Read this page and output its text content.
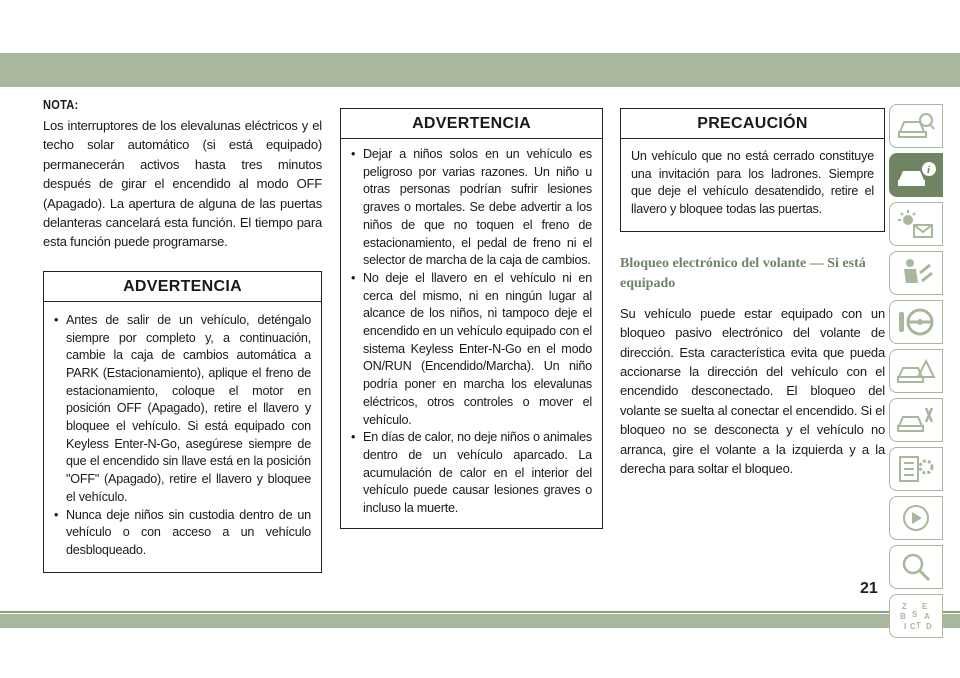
NOTA:
Los interruptores de los elevalunas eléctricos y el techo solar automático (si está equipado) permanecerán activos hasta tres minutos después de girar el encendido al modo OFF (Apagado). La apertura de alguna de las puertas delanteras cancelará esta función. El tiempo para esta función puede programarse.
ADVERTENCIA
• Antes de salir de un vehículo, deténgalo siempre por completo y, a continuación, cambie la caja de cambios automática a PARK (Estacionamiento), aplique el freno de estacionamiento, coloque el motor en posición OFF (Apagado), retire el llavero y bloquee el vehículo. Si está equipado con Keyless Enter-N-Go, asegúrese siempre de que el encendido sin llave está en la posición "OFF" (Apagado), retire el llavero y bloquee el vehículo.
• Nunca deje niños sin custodia dentro de un vehículo o con acceso a un vehículo desbloqueado.
ADVERTENCIA
• Dejar a niños solos en un vehículo es peligroso por varias razones. Un niño u otras personas podrían sufrir lesiones graves o mortales. Se debe advertir a los niños de que no toquen el freno de estacionamiento, el pedal de freno ni el selector de marcha de la caja de cambios.
• No deje el llavero en el vehículo ni en cerca del mismo, ni en ningún lugar al alcance de los niños, ni tampoco deje el encendido en un vehículo equipado con el sistema Keyless Enter-N-Go en el modo ON/RUN (Encendido/Marcha). Un niño podría poner en marcha los elevalunas eléctricos, otros controles o mover el vehículo.
• En días de calor, no deje niños o animales dentro de un vehículo aparcado. La acumulación de calor en el interior del vehículo puede causar lesiones graves o incluso la muerte.
PRECAUCIÓN
Un vehículo que no está cerrado constituye una invitación para los ladrones. Siempre que deje el vehículo desatendido, retire el llavero y bloquee todas las puertas.
Bloqueo electrónico del volante — Si está equipado
Su vehículo puede estar equipado con un bloqueo pasivo electrónico del volante de dirección. Esta característica evita que pueda accionarse la dirección del vehículo con el encendido desconectado. El bloqueo del volante se suelta al conectar el encendido. Si el bloqueo no se desconecta y el vehículo no arranca, gire el volante a la izquierda y a la derecha para soltar el bloqueo.
i
Z E
B S A
I C T D
21
